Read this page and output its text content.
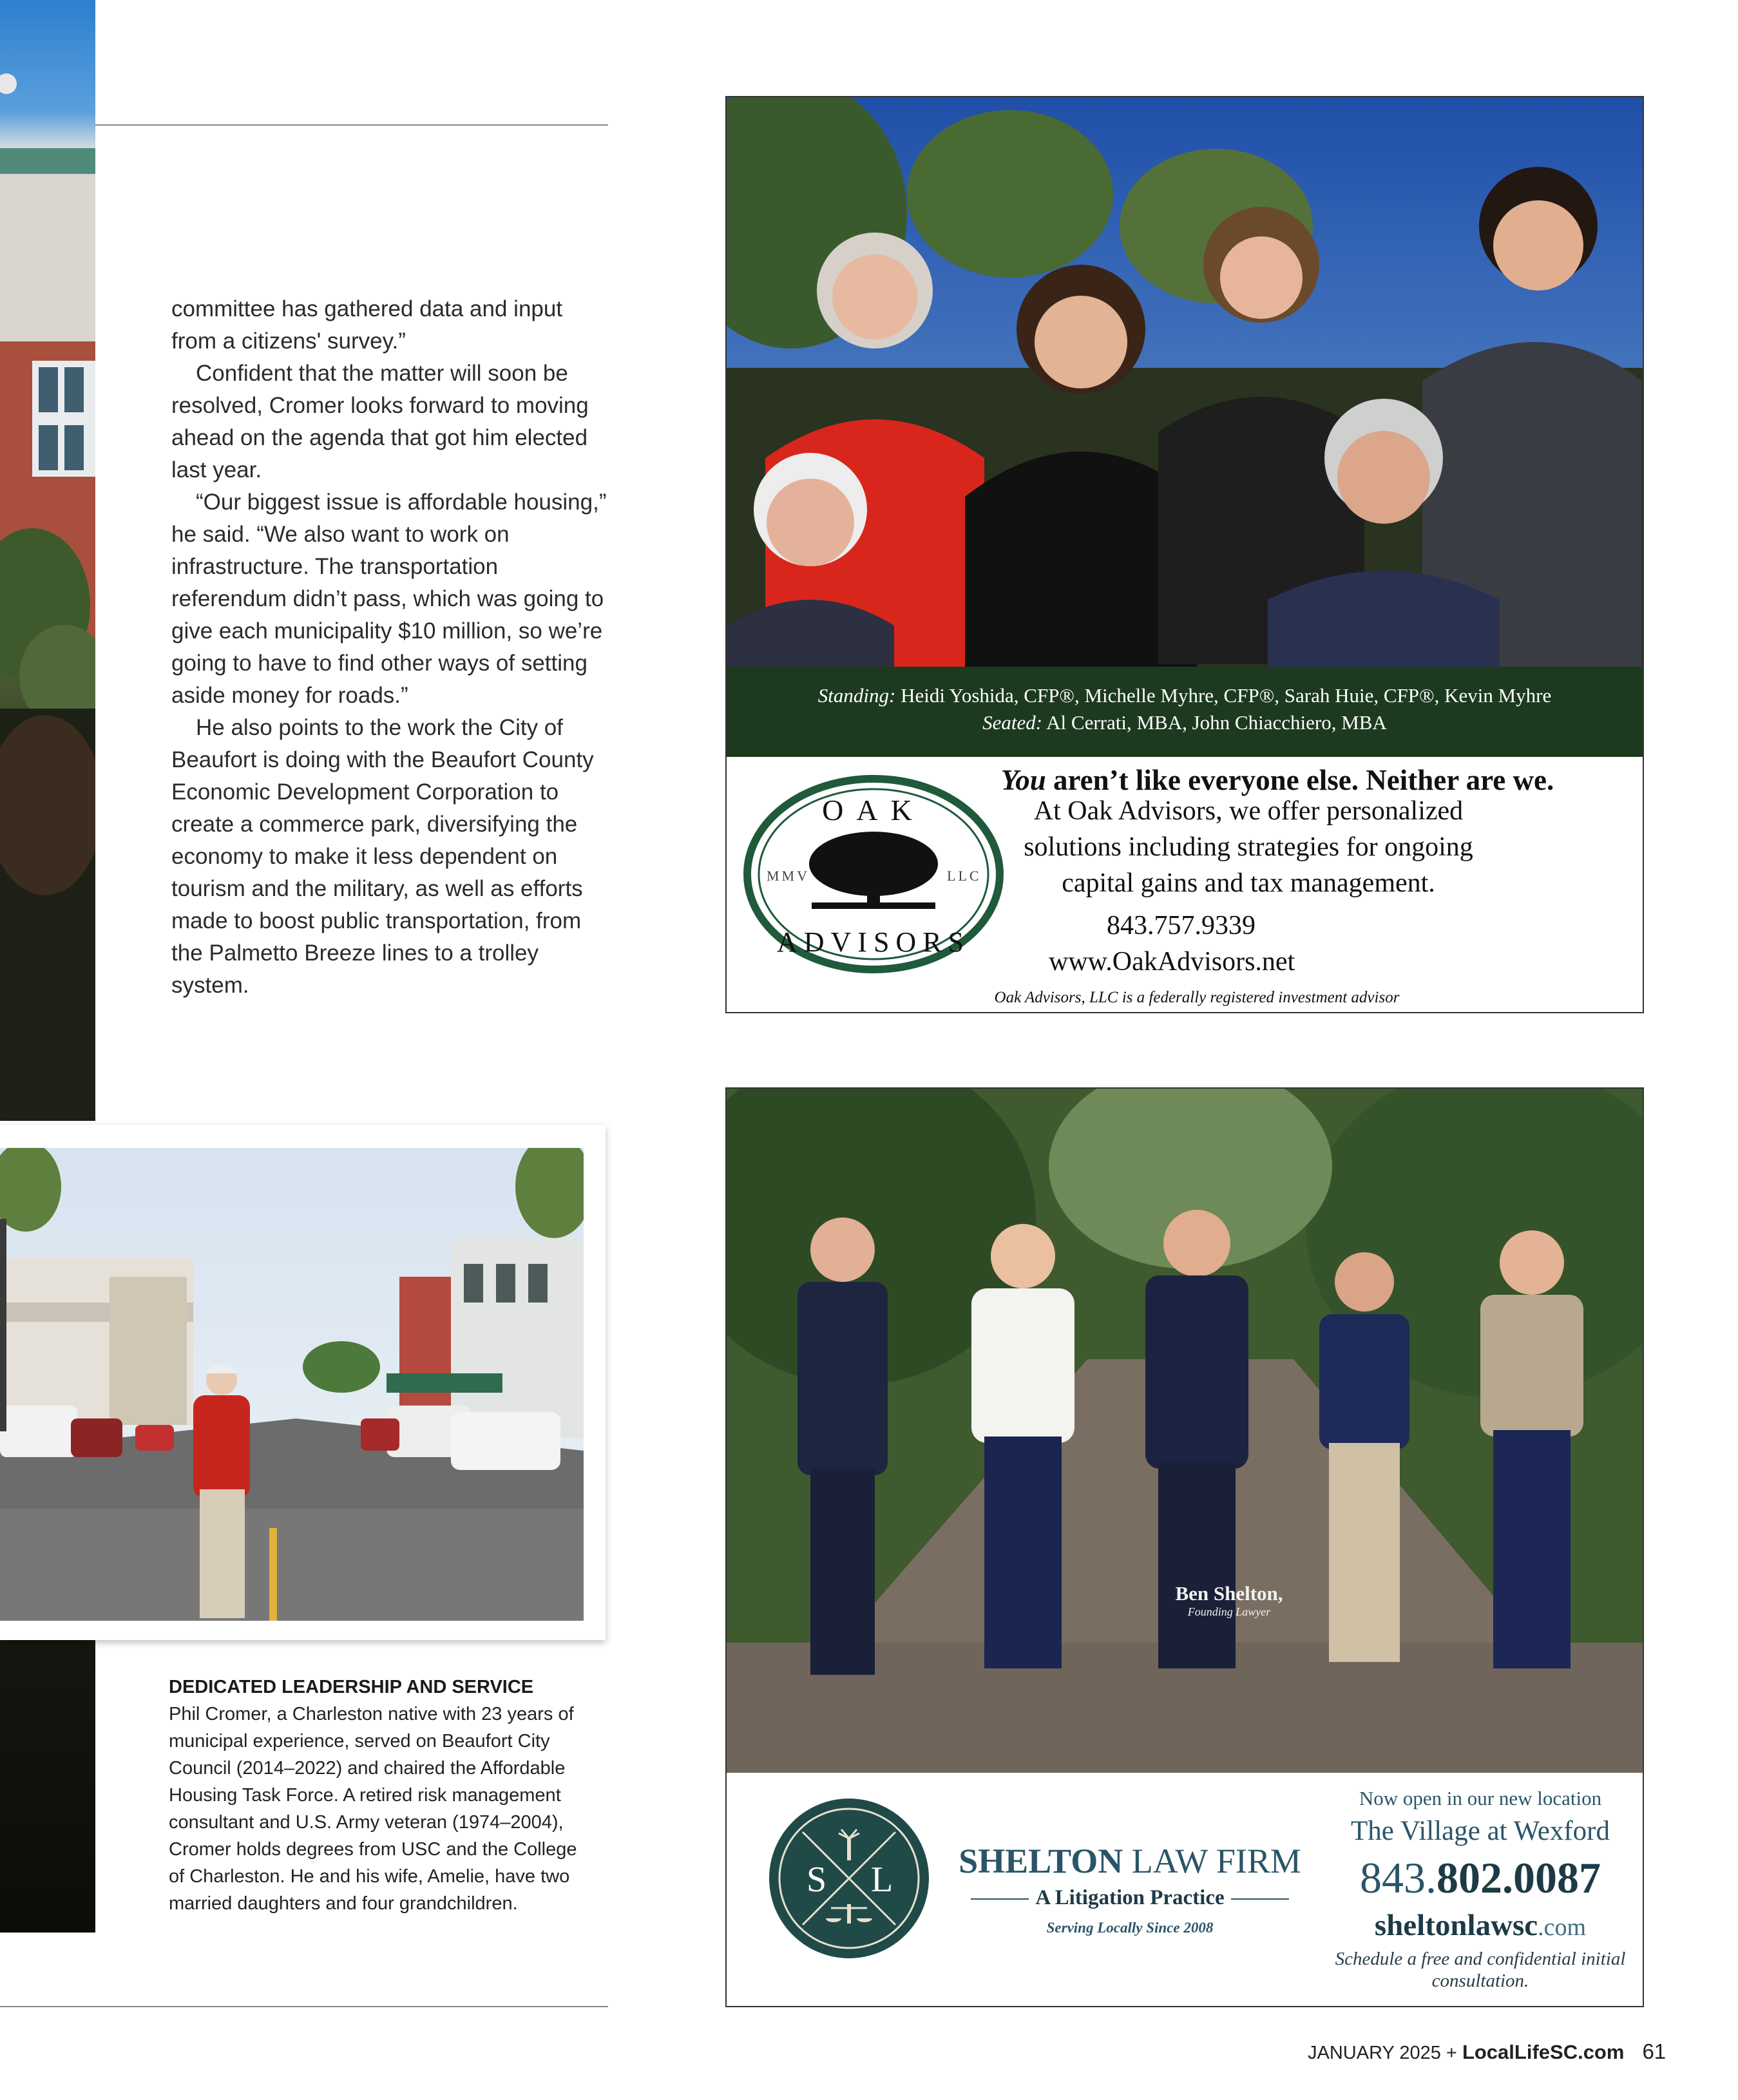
committee has gathered data and input from a citizens' survey.”

Confident that the matter will soon be resolved, Cromer looks forward to moving ahead on the agenda that got him elected last year.

“Our biggest issue is affordable housing,” he said. “We also want to work on infrastructure. The transportation referendum didn’t pass, which was going to give each municipality $10 million, so we’re going to have to find other ways of setting aside money for roads.”

He also points to the work the City of Beaufort is doing with the Beaufort County Economic Development Corporation to create a commerce park, diversifying the economy to make it less dependent on tourism and the military, as well as efforts made to boost public transportation, from the Palmetto Breeze lines to a trolley system.

DEDICATED LEADERSHIP AND SERVICE
Phil Cromer, a Charleston native with 23 years of municipal experience, served on Beaufort City Council (2014–2022) and chaired the Affordable Housing Task Force. A retired risk management consultant and U.S. Army veteran (1974–2004), Cromer holds degrees from USC and the College of Charleston. He and his wife, Amelie, have two married daughters and four grandchildren.
Standing: Heidi Yoshida, CFP®, Michelle Myhre, CFP®, Sarah Huie, CFP®, Kevin Myhre
Seated: Al Cerrati, MBA, John Chiacchiero, MBA
OAK
ADVISORS
MMV	LLC
You aren’t like everyone else. Neither are we.
At Oak Advisors, we offer personalized solutions including strategies for ongoing capital gains and tax management.
843.757.9339
www.OakAdvisors.net
Oak Advisors, LLC is a federally registered investment advisor
Ben Shelton,
Founding Lawyer
S L SHELTON LAW FIRM
A Litigation Practice
Serving Locally Since 2008
Now open in our new location
The Village at Wexford
843.802.0087
sheltonlawsc.com
Schedule a free and confidential initial consultation.
JANUARY 2025 + LocalLifeSC.com 61
